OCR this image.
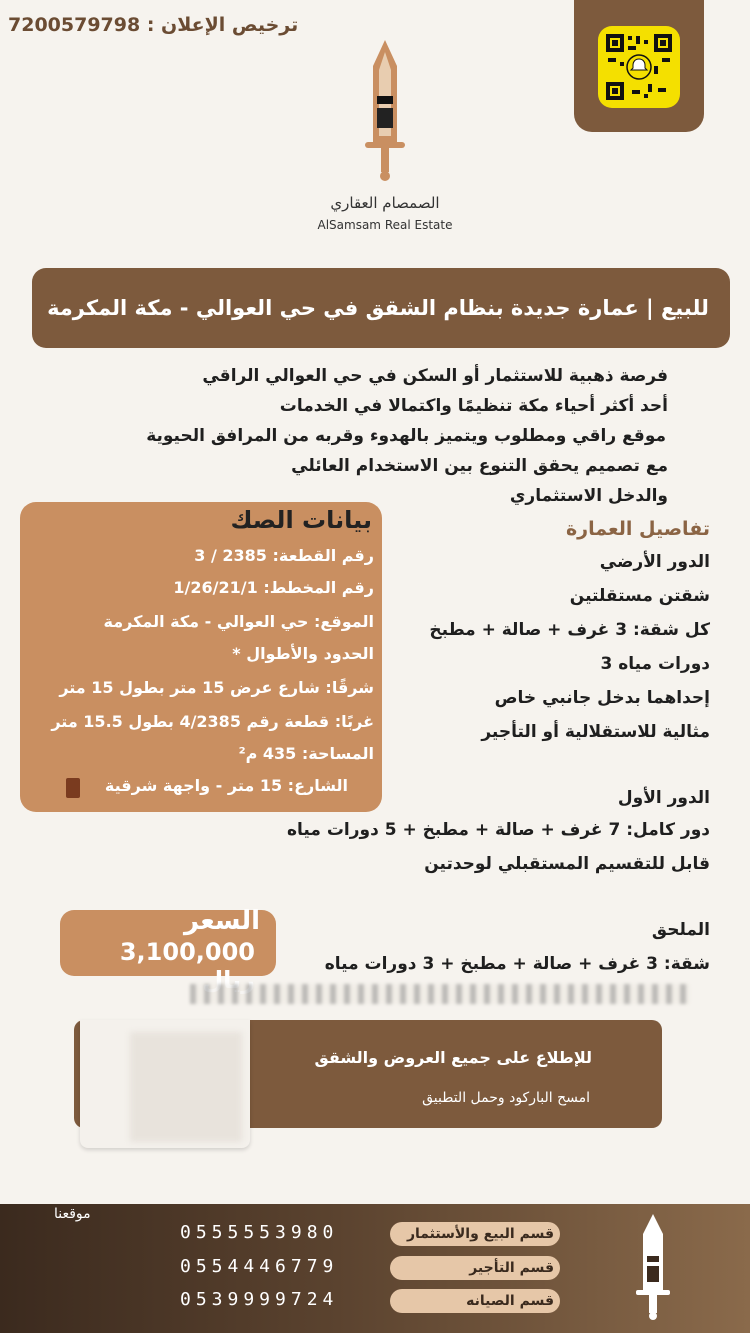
ترخيص الإعلان : 7200579798
الصمصام العقاري
AlSamsam Real Estate
للبيع | عمارة جديدة بنظام الشقق في حي العوالي - مكة المكرمة
فرصة ذهبية للاستثمار أو السكن في حي العوالي الراقي
أحد أكثر أحياء مكة تنظيمًا واكتمالا في الخدمات
موقع راقي ومطلوب ويتميز بالهدوء وقربه من المرافق الحيوية
مع تصميم يحقق التنوع بين الاستخدام العائلي
والدخل الاستثماري
بيانات الصك
رقم القطعة: 2385 / 3
رقم المخطط: 1/26/21/1
الموقع: حي العوالي - مكة المكرمة
الحدود والأطوال *
شرقًا: شارع عرض 15 متر بطول 15 متر
غربًا: قطعة رقم 4/2385 بطول 15.5 متر
المساحة: 435 م²
الشارع: 15 متر - واجهة شرقية
تفاصيل العمارة
الدور الأرضي
شقتن مستقلتين
كل شقة: 3 غرف + صالة + مطبخ
دورات مياه 3
إحداهما بدخل جانبي خاص
مثالية للاستقلالية أو التأجير
الدور الأول
دور كامل: 7 غرف + صالة + مطبخ + 5 دورات مياه
قابل للتقسيم المستقبلي لوحدتين
الملحق
شقة: 3 غرف + صالة + مطبخ + 3 دورات مياه
السعر
3,100,000 ريال
للإطلاع على جميع العروض والشقق
امسح الباركود وحمل التطبيق
موقعنا
قسم البيع والأستثمار
0555553980
قسم التأجير
0554446779
قسم الصيانه
0539999724
